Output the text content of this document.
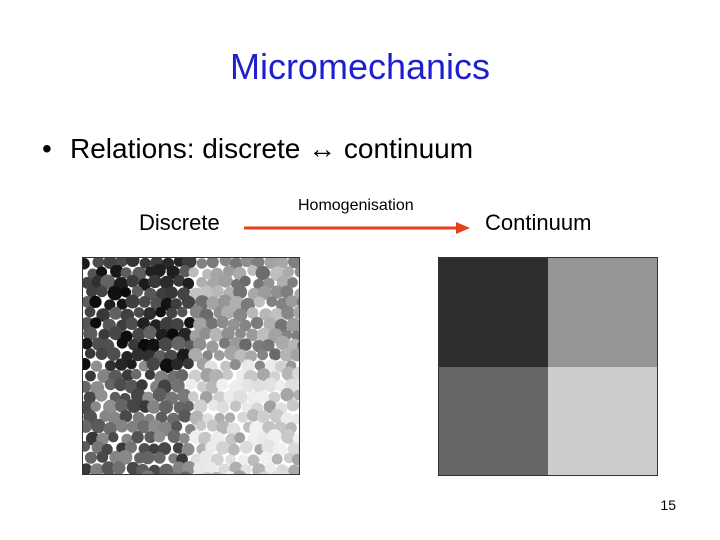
Micromechanics
• Relations: discrete ↔ continuum
Discrete
Homogenisation
Continuum
15
